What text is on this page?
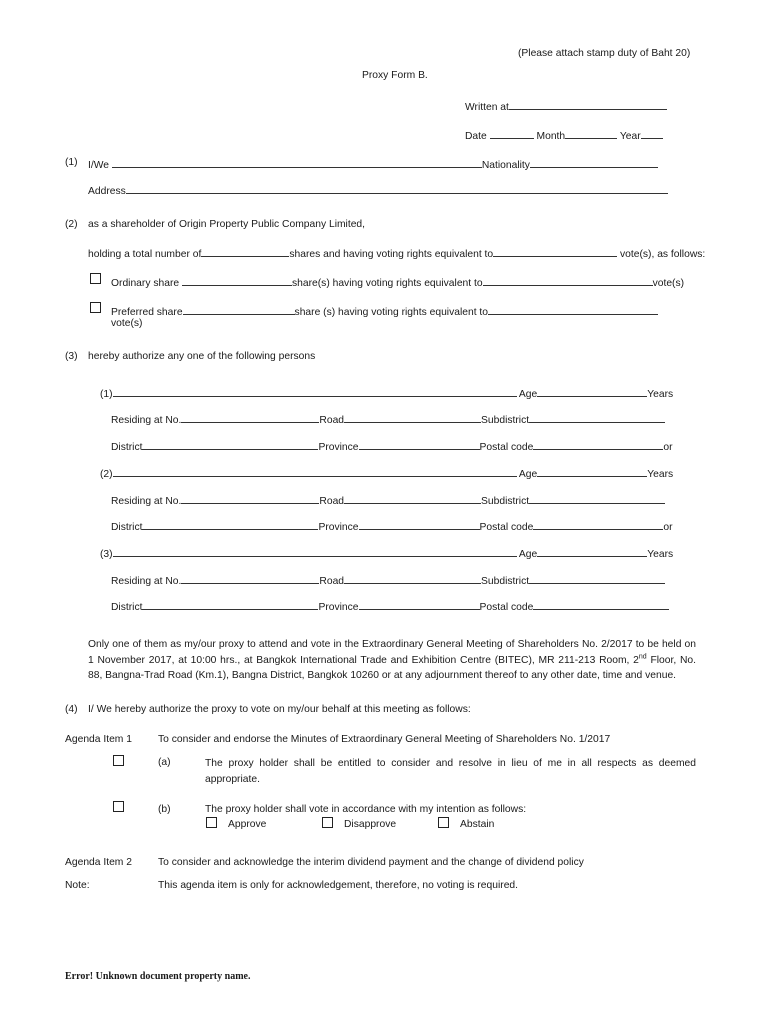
(Please attach stamp duty of Baht 20)
Proxy Form B.
Written at
Date	Month	Year
(1) I/We	Nationality
Address
(2) as a shareholder of Origin Property Public Company Limited,
holding a total number of	shares and having voting rights equivalent to	vote(s), as follows:
Ordinary share	share(s) having voting rights equivalent to	vote(s)
Preferred share	share (s) having voting rights equivalent to
vote(s)
(3) hereby authorize any one of the following persons
(1)	Age	Years
Residing at No.	Road	Subdistrict
District	Province	Postal code	or
(2)	Age	Years
Residing at No.	Road	Subdistrict
District	Province	Postal code	or
(3)	Age	Years
Residing at No.	Road	Subdistrict
District	Province	Postal code
Only one of them as my/our proxy to attend and vote in the Extraordinary General Meeting of Shareholders No. 2/2017 to be held on 1 November 2017, at 10:00 hrs., at Bangkok International Trade and Exhibition Centre (BITEC), MR 211-213 Room, 2nd Floor, No. 88, Bangna-Trad Road (Km.1), Bangna District, Bangkok 10260 or at any adjournment thereof to any other date, time and venue.
(4) I/ We hereby authorize the proxy to vote on my/our behalf at this meeting as follows:
Agenda Item 1	To consider and endorse the Minutes of Extraordinary General Meeting of Shareholders No. 1/2017
(a)	The proxy holder shall be entitled to consider and resolve in lieu of me in all respects as deemed appropriate.
(b)	The proxy holder shall vote in accordance with my intention as follows:
Approve	Disapprove	Abstain
Agenda Item 2	To consider and acknowledge the interim dividend payment and the change of dividend policy
Note:	This agenda item is only for acknowledgement, therefore, no voting is required.
Error! Unknown document property name.
